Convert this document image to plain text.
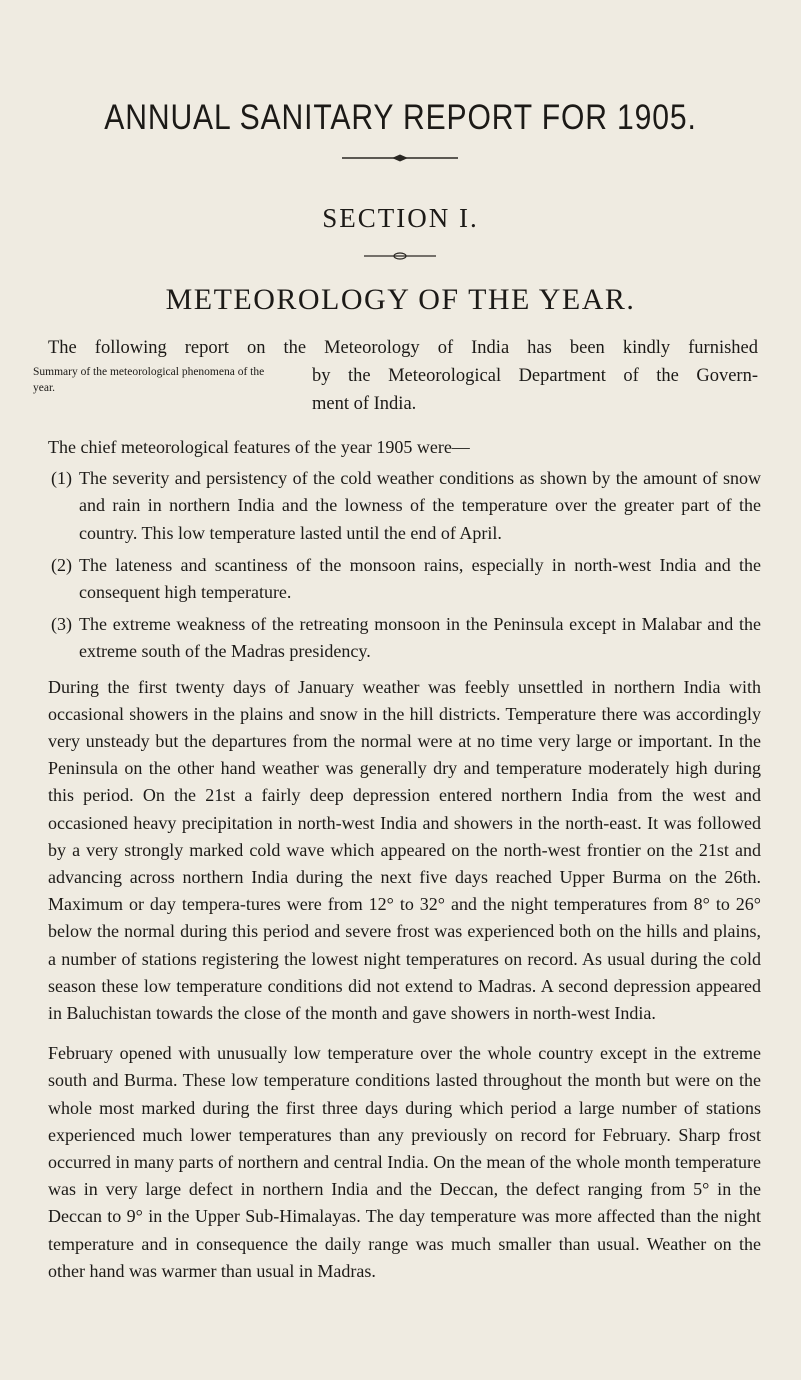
ANNUAL SANITARY REPORT FOR 1905.
SECTION I.
METEOROLOGY OF THE YEAR.
The following report on the Meteorology of India has been kindly furnished
Summary of the meteorological phenomena of the year.
by the Meteorological Department of the Govern-
ment of India.

The chief meteorological features of the year 1905 were—

(1) The severity and persistency of the cold weather conditions as shown by the amount of snow and rain in northern India and the lowness of the temperature over the greater part of the country. This low temperature lasted until the end of April.
(2) The lateness and scantiness of the monsoon rains, especially in north-west India and the consequent high temperature.
(3) The extreme weakness of the retreating monsoon in the Peninsula except in Malabar and the extreme south of the Madras presidency.

During the first twenty days of January weather was feebly unsettled in northern India with occasional showers in the plains and snow in the hill districts. Temperature there was accordingly very unsteady but the departures from the normal were at no time very large or important. In the Peninsula on the other hand weather was generally dry and temperature moderately high during this period. On the 21st a fairly deep depression entered northern India from the west and occasioned heavy precipitation in north-west India and showers in the north-east. It was followed by a very strongly marked cold wave which appeared on the north-west frontier on the 21st and advancing across northern India during the next five days reached Upper Burma on the 26th. Maximum or day tempera-tures were from 12° to 32° and the night temperatures from 8° to 26° below the normal during this period and severe frost was experienced both on the hills and plains, a number of stations registering the lowest night temperatures on record. As usual during the cold season these low temperature conditions did not extend to Madras. A second depression appeared in Baluchistan towards the close of the month and gave showers in north-west India.

February opened with unusually low temperature over the whole country except in the extreme south and Burma. These low temperature conditions lasted throughout the month but were on the whole most marked during the first three days during which period a large number of stations experienced much lower temperatures than any previously on record for February. Sharp frost occurred in many parts of northern and central India. On the mean of the whole month temperature was in very large defect in northern India and the Deccan, the defect ranging from 5° in the Deccan to 9° in the Upper Sub-Himalayas. The day temperature was more affected than the night temperature and in consequence the daily range was much smaller than usual. Weather on the other hand was warmer than usual in Madras.
